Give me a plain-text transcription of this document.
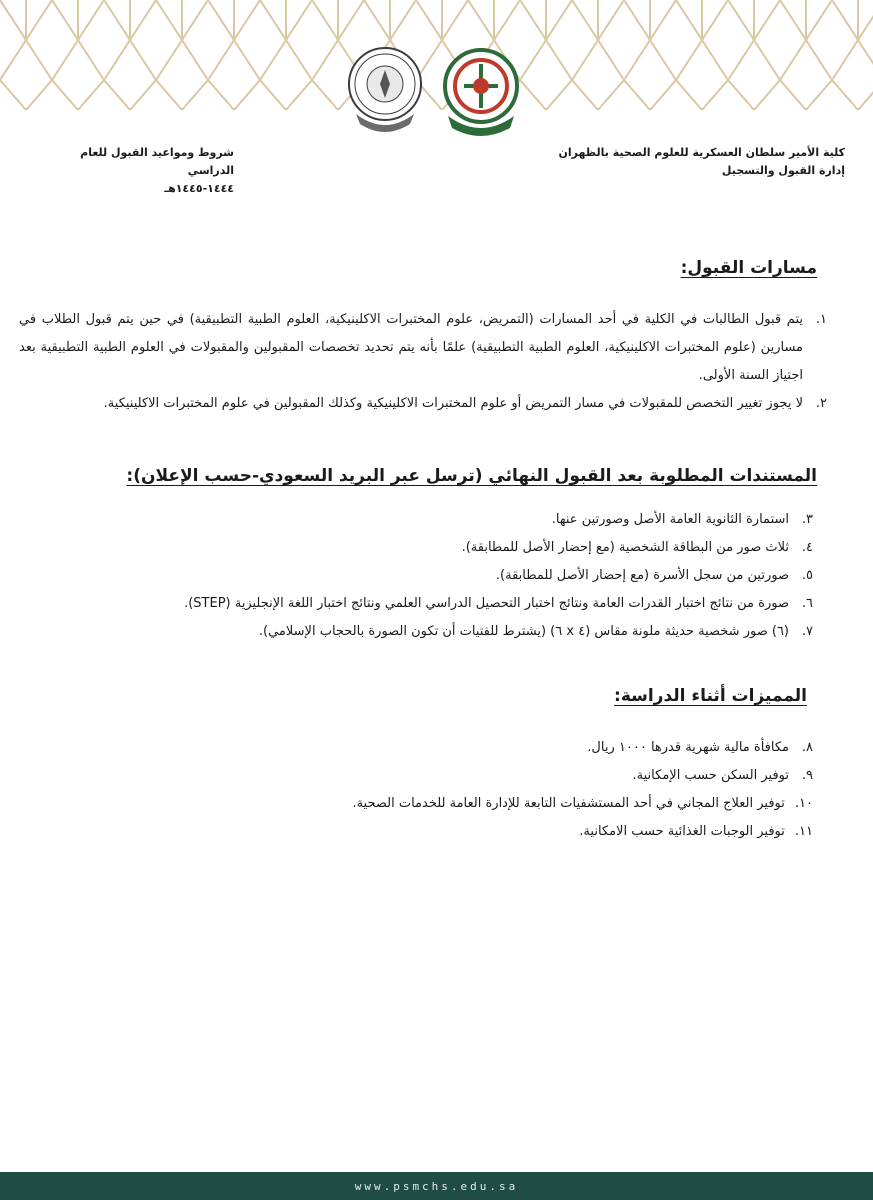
كلية الأمير سلطان العسكرية للعلوم الصحية بالظهران
إدارة القبول والتسجيل
شروط ومواعيد القبول للعام الدراسي
١٤٤٤-١٤٤٥هـ
مسارات القبول:
١.
يتم قبول الطالبات في الكلية في أحد المسارات (التمريض، علوم المختبرات الاكلينيكية، العلوم الطبية التطبيقية) في حين يتم قبول الطلاب في مسارين (علوم المختبرات الاكلينيكية، العلوم الطبية التطبيقية) علمًا بأنه يتم تحديد تخصصات المقبولين والمقبولات في العلوم الطبية التطبيقية بعد اجتياز السنة الأولى.
٢.
لا يجوز تغيير التخصص للمقبولات في مسار التمريض أو علوم المختبرات الاكلينيكية وكذلك المقبولين في علوم المختبرات الاكلينيكية.
المستندات المطلوبة بعد القبول النهائي (ترسل عبر البريد السعودي-حسب الإعلان):
٣.
استمارة الثانوية العامة الأصل وصورتين عنها.
٤.
ثلاث صور من البطاقة الشخصية (مع إحضار الأصل للمطابقة).
٥.
صورتين من سجل الأسرة (مع إحضار الأصل للمطابقة).
٦.
صورة من نتائج اختبار القدرات العامة ونتائج اختبار التحصيل الدراسي العلمي ونتائج اختبار اللغة الإنجليزية (STEP).
٧.
(٦) صور شخصية حديثة ملونة مقاس (٤ x ٦) (يشترط للفتيات أن تكون الصورة بالحجاب الإسلامي).
المميزات أثناء الدراسة:
٨.
مكافأة مالية شهرية قدرها ١٠٠٠ ريال.
٩.
توفير السكن حسب الإمكانية.
١٠.
توفير العلاج المجاني في أحد المستشفيات التابعة للإدارة العامة للخدمات الصحية.
١١.
توفير الوجبات الغذائية حسب الامكانية.
www.psmchs.edu.sa
